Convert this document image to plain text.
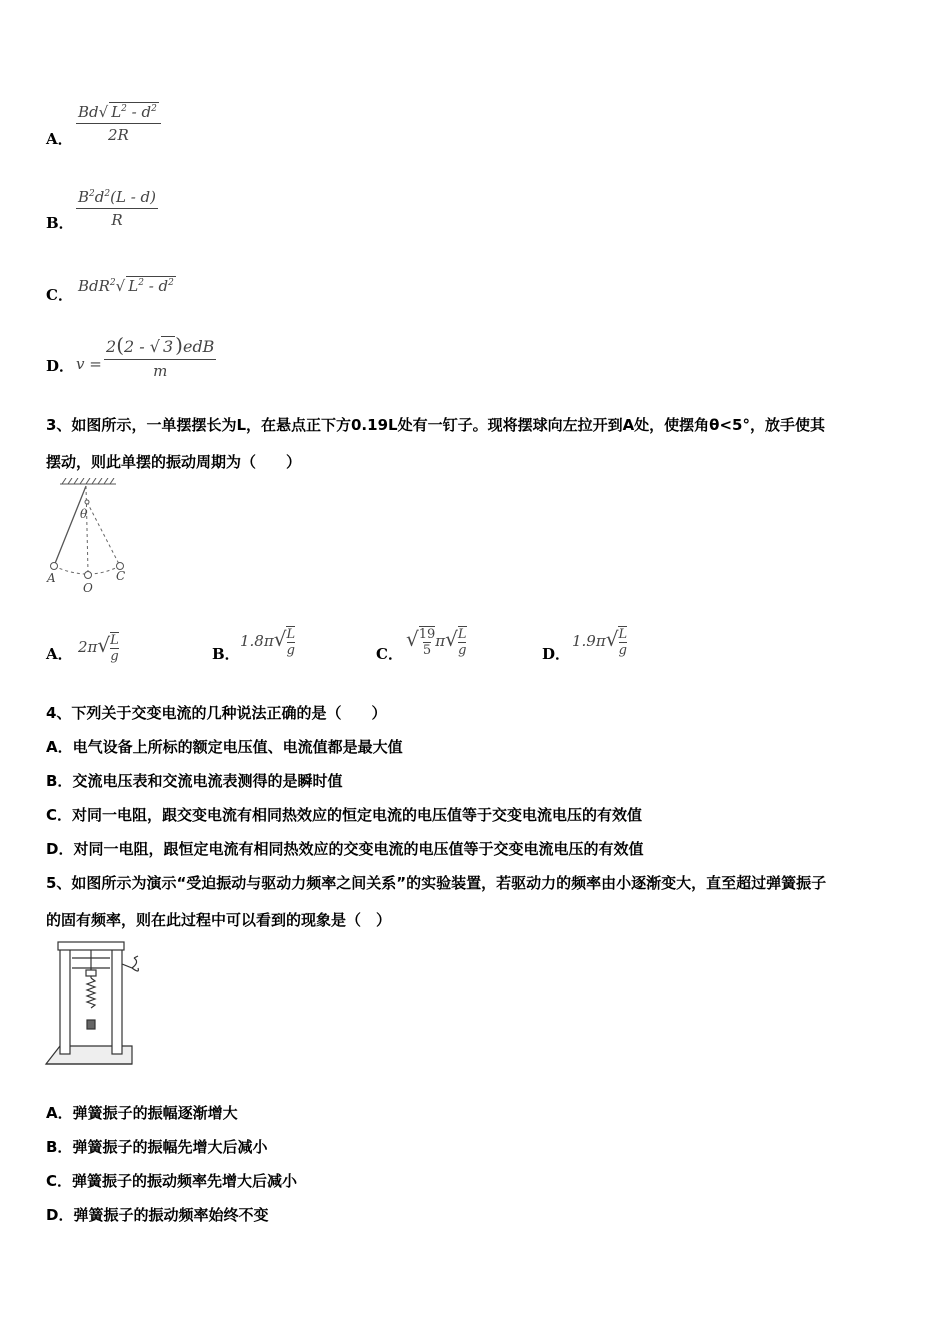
A．
Bd√ $L^2 - d^2$
2R
B．
$B^2d^2(L - d)$
R
C． BdR$^2$√ $L^2 - d^2$
D． v =
2(2 - √ 3 )edB
m
3、如图所示，一单摆摆长为L，在悬点正下方0.19L处有一钉子。现将摆球向左拉开到A处，使摆角θ<5°，放手使其
摆动，则此单摆的振动周期为（　　）
θ
A
O
C
A． $2\pi√ \frac{L}{g}$	B．
$1.8\pi√ \frac{L}{g}$	C．
√ $\frac{19}{5} \pi√ \frac{L}{g}$	D．
$1.9\pi√ \frac{L}{g}$
4、下列关于交变电流的几种说法正确的是（　　）
A．电气设备上所标的额定电压值、电流值都是最大值
B．交流电压表和交流电流表测得的是瞬时值
C．对同一电阻，跟交变电流有相同热效应的恒定电流的电压值等于交变电流电压的有效值
D．对同一电阻，跟恒定电流有相同热效应的交变电流的电压值等于交变电流电压的有效值
5、如图所示为演示“受迫振动与驱动力频率之间关系”的实验装置，若驱动力的频率由小逐渐变大，直至超过弹簧振子
的固有频率，则在此过程中可以看到的现象是（　）
A．弹簧振子的振幅逐渐增大
B．弹簧振子的振幅先增大后减小
C．弹簧振子的振动频率先增大后减小
D．弹簧振子的振动频率始终不变
